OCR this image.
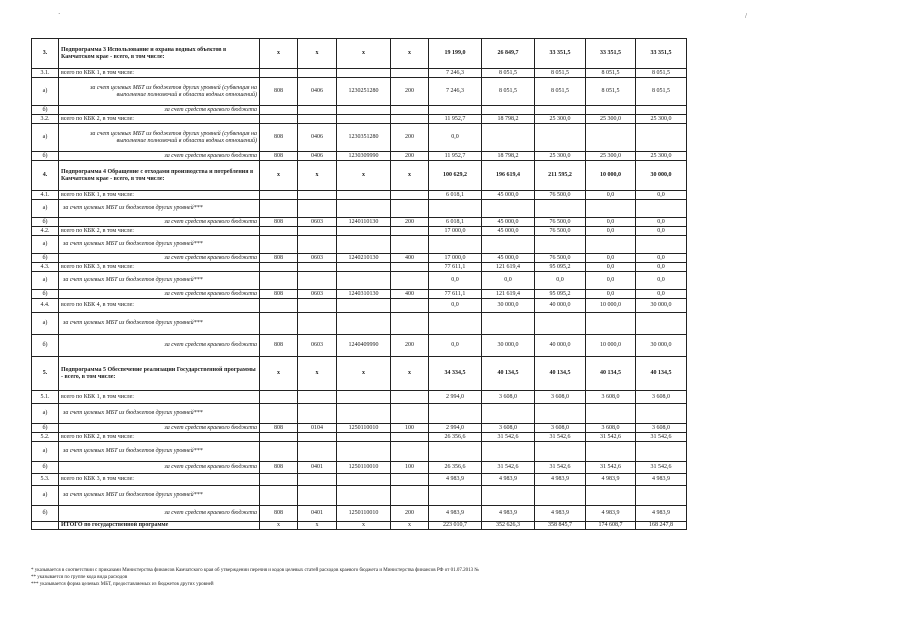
3.	Подпрограмма 3 Использование и охрана водных объектов в Камчатском крае - всего, в том числе:	x	x	x	x	19 199,0	26 849,7	33 351,5	33 351,5	33 351,5
3.1.	всего по КБК 1, в том числе:					7 246,3	8 051,5	8 051,5	8 051,5	8 051,5
а)	за счет целевых МБТ из бюджетов других уровней (субвенция на выполнение полномочий в области водных отношений)	808	0406	1230251280	200	7 246,3	8 051,5	8 051,5	8 051,5	8 051,5
б)	за счет средств краевого бюджета									
3.2.	всего по КБК 2, в том числе:					11 952,7	18 798,2	25 300,0	25 300,0	25 300,0
а)	за счет целевых МБТ из бюджетов других уровней (субвенция на выполнение полномочий в области водных отношений)	808	0406	1230351280	200	0,0				
б)	за счет средств краевого бюджета	808	0406	1230309990	200	11 952,7	18 798,2	25 300,0	25 300,0	25 300,0
4.	Подпрограмма 4 Обращение с отходами производства и потребления в Камчатском крае - всего, в том числе:	x	x	x	x	100 629,2	196 619,4	211 595,2	10 000,0	30 000,0
4.1.	всего по КБК 1, в том числе:					6 018,1	45 000,0	76 500,0	0,0	0,0
а)	за счет целевых МБТ из бюджетов других уровней***									
б)	за счет средств краевого бюджета	808	0603	1240110130	200	6 018,1	45 000,0	76 500,0	0,0	0,0
4.2.	всего по КБК 2, в том числе:					17 000,0	45 000,0	76 500,0	0,0	0,0
а)	за счет целевых МБТ из бюджетов других уровней***									
б)	за счет средств краевого бюджета	808	0603	1240210130	400	17 000,0	45 000,0	76 500,0	0,0	0,0
4.3.	всего по КБК 3, в том числе:					77 611,1	121 619,4	95 095,2	0,0	0,0
а)	за счет целевых МБТ из бюджетов других уровней***					0,0	0,0	0,0	0,0	0,0
б)	за счет средств краевого бюджета	808	0603	1240310130	400	77 611,1	121 619,4	95 095,2	0,0	0,0
4.4.	всего по КБК 4, в том числе:					0,0	30 000,0	40 000,0	10 000,0	30 000,0
а)	за счет целевых МБТ из бюджетов других уровней***									
б)	за счет средств краевого бюджета	808	0603	1240409990	200	0,0	30 000,0	40 000,0	10 000,0	30 000,0
5.	Подпрограмма 5 Обеспечение реализации Государственной программы - всего, в том числе:	x	x	x	x	34 334,5	40 134,5	40 134,5	40 134,5	40 134,5
5.1.	всего по КБК 1, в том числе:					2 994,0	3 608,0	3 608,0	3 608,0	3 608,0
а)	за счет целевых МБТ из бюджетов других уровней***									
б)	за счет средств краевого бюджета	808	0104	1250110010	100	2 994,0	3 608,0	3 608,0	3 608,0	3 608,0
5.2.	всего по КБК 2, в том числе:					26 356,6	31 542,6	31 542,6	31 542,6	31 542,6
а)	за счет целевых МБТ из бюджетов других уровней***									
б)	за счет средств краевого бюджета	808	0401	1250110010	100	26 356,6	31 542,6	31 542,6	31 542,6	31 542,6
5.3.	всего по КБК 3, в том числе:					4 983,9	4 983,9	4 983,9	4 983,9	4 983,9
а)	за счет целевых МБТ из бюджетов других уровней***									
б)	за счет средств краевого бюджета	808	0401	1250110010	200	4 983,9	4 983,9	4 983,9	4 983,9	4 983,9
	ИТОГО по государственной программе	x	x	x	x	223 010,7	352 626,3	358 845,7	174 608,7	168 247,8
* указывается в соответствии с приказами Министерства финансов Камчатского края об утверждении перечня и кодов целевых статей расходов краевого бюджета и Министерства финансов РФ от 01.07.2013 №
** указывается по группе кода вида расходов
*** указывается форма целевых МБТ, предоставляемых из бюджетов других уровней
·	/
